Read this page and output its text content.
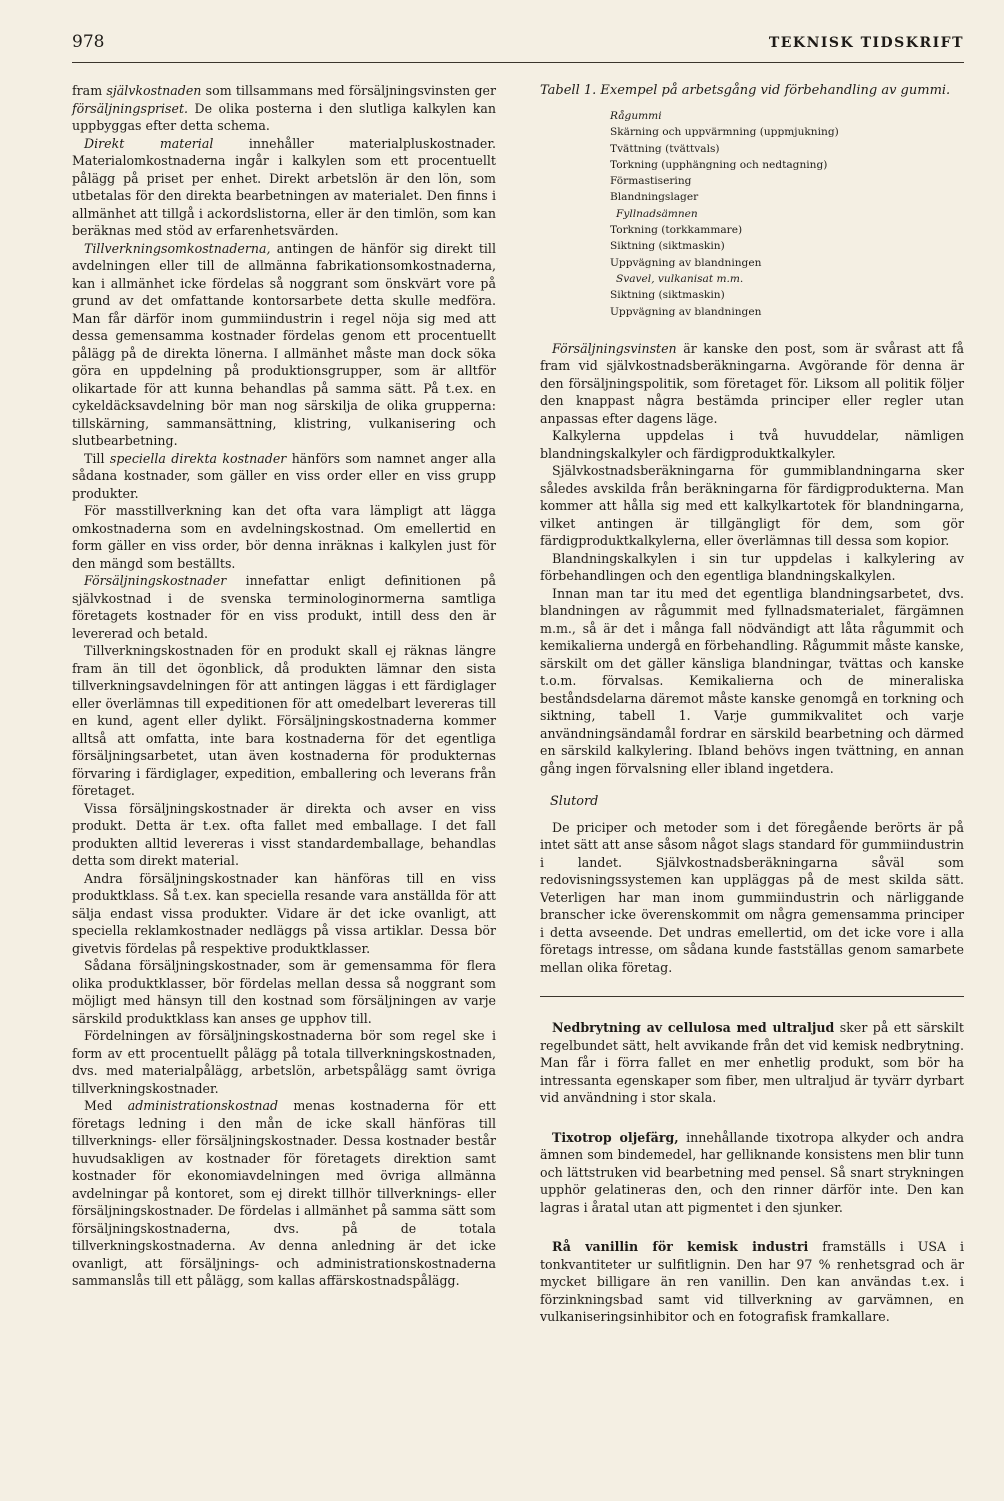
978	TEKNISK TIDSKRIFT

fram självkostnaden som tillsammans med försäljningsvinsten ger försäljningspriset. De olika posterna i den slutliga kalkylen kan uppbyggas efter detta schema.

Direkt material innehåller materialpluskostnader. Materialomkostnaderna ingår i kalkylen som ett procentuellt pålägg på priset per enhet. Direkt arbetslön är den lön, som utbetalas för den direkta bearbetningen av materialet. Den finns i allmänhet att tillgå i ackordslistorna, eller är den timlön, som kan beräknas med stöd av erfarenhetsvärden.

Tillverkningsomkostnaderna, antingen de hänför sig direkt till avdelningen eller till de allmänna fabrikationsomkostnaderna, kan i allmänhet icke fördelas så noggrant som önskvärt vore på grund av det omfattande kontorsarbete detta skulle medföra. Man får därför inom gummiindustrin i regel nöja sig med att dessa gemensamma kostnader fördelas genom ett procentuellt pålägg på de direkta lönerna. I allmänhet måste man dock söka göra en uppdelning på produktionsgrupper, som är alltför olikartade för att kunna behandlas på samma sätt. På t.ex. en cykeldäcksavdelning bör man nog särskilja de olika grupperna: tillskärning, sammansättning, klistring, vulkanisering och slutbearbetning.

Till speciella direkta kostnader hänförs som namnet anger alla sådana kostnader, som gäller en viss order eller en viss grupp produkter.

För masstillverkning kan det ofta vara lämpligt att lägga omkostnaderna som en avdelningskostnad. Om emellertid en form gäller en viss order, bör denna inräknas i kalkylen just för den mängd som beställts.

Försäljningskostnader innefattar enligt definitionen på självkostnad i de svenska terminologinormerna samtliga företagets kostnader för en viss produkt, intill dess den är levererad och betald.

Tillverkningskostnaden för en produkt skall ej räknas längre fram än till det ögonblick, då produkten lämnar den sista tillverkningsavdelningen för att antingen läggas i ett färdiglager eller överlämnas till expeditionen för att omedelbart levereras till en kund, agent eller dylikt. Försäljningskostnaderna kommer alltså att omfatta, inte bara kostnaderna för det egentliga försäljningsarbetet, utan även kostnaderna för produkternas förvaring i färdiglager, expedition, emballering och leverans från företaget.

Vissa försäljningskostnader är direkta och avser en viss produkt. Detta är t.ex. ofta fallet med emballage. I det fall produkten alltid levereras i visst standardemballage, behandlas detta som direkt material.

Andra försäljningskostnader kan hänföras till en viss produktklass. Så t.ex. kan speciella resande vara anställda för att sälja endast vissa produkter. Vidare är det icke ovanligt, att speciella reklamkostnader nedläggs på vissa artiklar. Dessa bör givetvis fördelas på respektive produktklasser.

Sådana försäljningskostnader, som är gemensamma för flera olika produktklasser, bör fördelas mellan dessa så noggrant som möjligt med hänsyn till den kostnad som försäljningen av varje särskild produktklass kan anses ge upphov till.

Fördelningen av försäljningskostnaderna bör som regel ske i form av ett procentuellt pålägg på totala tillverkningskostnaden, dvs. med materialpålägg, arbetslön, arbetspålägg samt övriga tillverkningskostnader.

Med administrationskostnad menas kostnaderna för ett företags ledning i den mån de icke skall hänföras till tillverknings- eller försäljningskostnader. Dessa kostnader består huvudsakligen av kostnader för företagets direktion samt kostnader för ekonomiavdelningen med övriga allmänna avdelningar på kontoret, som ej direkt tillhör tillverknings- eller försäljningskostnader. De fördelas i allmänhet på samma sätt som försäljningskostnaderna, dvs. på de totala tillverkningskostnaderna. Av denna anledning är det icke ovanligt, att försäljnings- och administrationskostnaderna sammanslås till ett pålägg, som kallas affärskostnadspålägg.

Tabell 1. Exempel på arbetsgång vid förbehandling av gummi.
Rågummi
Skärning och uppvärmning (uppmjukning)
Tvättning (tvättvals)
Torkning (upphängning och nedtagning)
Förmastisering
Blandningslager
Fyllnadsämnen
Torkning (torkkammare)
Siktning (siktmaskin)
Uppvägning av blandningen
Svavel, vulkanisat m.m.
Siktning (siktmaskin)
Uppvägning av blandningen

Försäljningsvinsten är kanske den post, som är svårast att få fram vid självkostnadsberäkningarna. Avgörande för denna är den försäljningspolitik, som företaget för. Liksom all politik följer den knappast några bestämda principer eller regler utan anpassas efter dagens läge.

Kalkylerna uppdelas i två huvuddelar, nämligen blandningskalkyler och färdigproduktkalkyler.

Självkostnadsberäkningarna för gummiblandningarna sker således avskilda från beräkningarna för färdigprodukterna. Man kommer att hålla sig med ett kalkylkartotek för blandningarna, vilket antingen är tillgängligt för dem, som gör färdigproduktkalkylerna, eller överlämnas till dessa som kopior.

Blandningskalkylen i sin tur uppdelas i kalkylering av förbehandlingen och den egentliga blandningskalkylen.

Innan man tar itu med det egentliga blandningsarbetet, dvs. blandningen av rågummit med fyllnadsmaterialet, färgämnen m.m., så är det i många fall nödvändigt att låta rågummit och kemikalierna undergå en förbehandling. Rågummit måste kanske, särskilt om det gäller känsliga blandningar, tvättas och kanske t.o.m. förvalsas. Kemikalierna och de mineraliska beståndsdelarna däremot måste kanske genomgå en torkning och siktning, tabell 1. Varje gummikvalitet och varje användningsändamål fordrar en särskild bearbetning och därmed en särskild kalkylering. Ibland behövs ingen tvättning, en annan gång ingen förvalsning eller ibland ingetdera.

Slutord

De priciper och metoder som i det föregående berörts är på intet sätt att anse såsom något slags standard för gummiindustrin i landet. Självkostnadsberäkningarna såväl som redovisningssystemen kan uppläggas på de mest skilda sätt. Veterligen har man inom gummiindustrin och närliggande branscher icke överenskommit om några gemensamma principer i detta avseende. Det undras emellertid, om det icke vore i alla företags intresse, om sådana kunde fastställas genom samarbete mellan olika företag.

Nedbrytning av cellulosa med ultraljud sker på ett särskilt regelbundet sätt, helt avvikande från det vid kemisk nedbrytning. Man får i förra fallet en mer enhetlig produkt, som bör ha intressanta egenskaper som fiber, men ultraljud är tyvärr dyrbart vid användning i stor skala.

Tixotrop oljefärg, innehållande tixotropa alkyder och andra ämnen som bindemedel, har gelliknande konsistens men blir tunn och lättstruken vid bearbetning med pensel. Så snart strykningen upphör gelatineras den, och den rinner därför inte. Den kan lagras i åratal utan att pigmentet i den sjunker.

Rå vanillin för kemisk industri framställs i USA i tonkvantiteter ur sulfitlignin. Den har 97 % renhetsgrad och är mycket billigare än ren vanillin. Den kan användas t.ex. i förzinkningsbad samt vid tillverkning av garvämnen, en vulkaniseringsinhibitor och en fotografisk framkallare.
